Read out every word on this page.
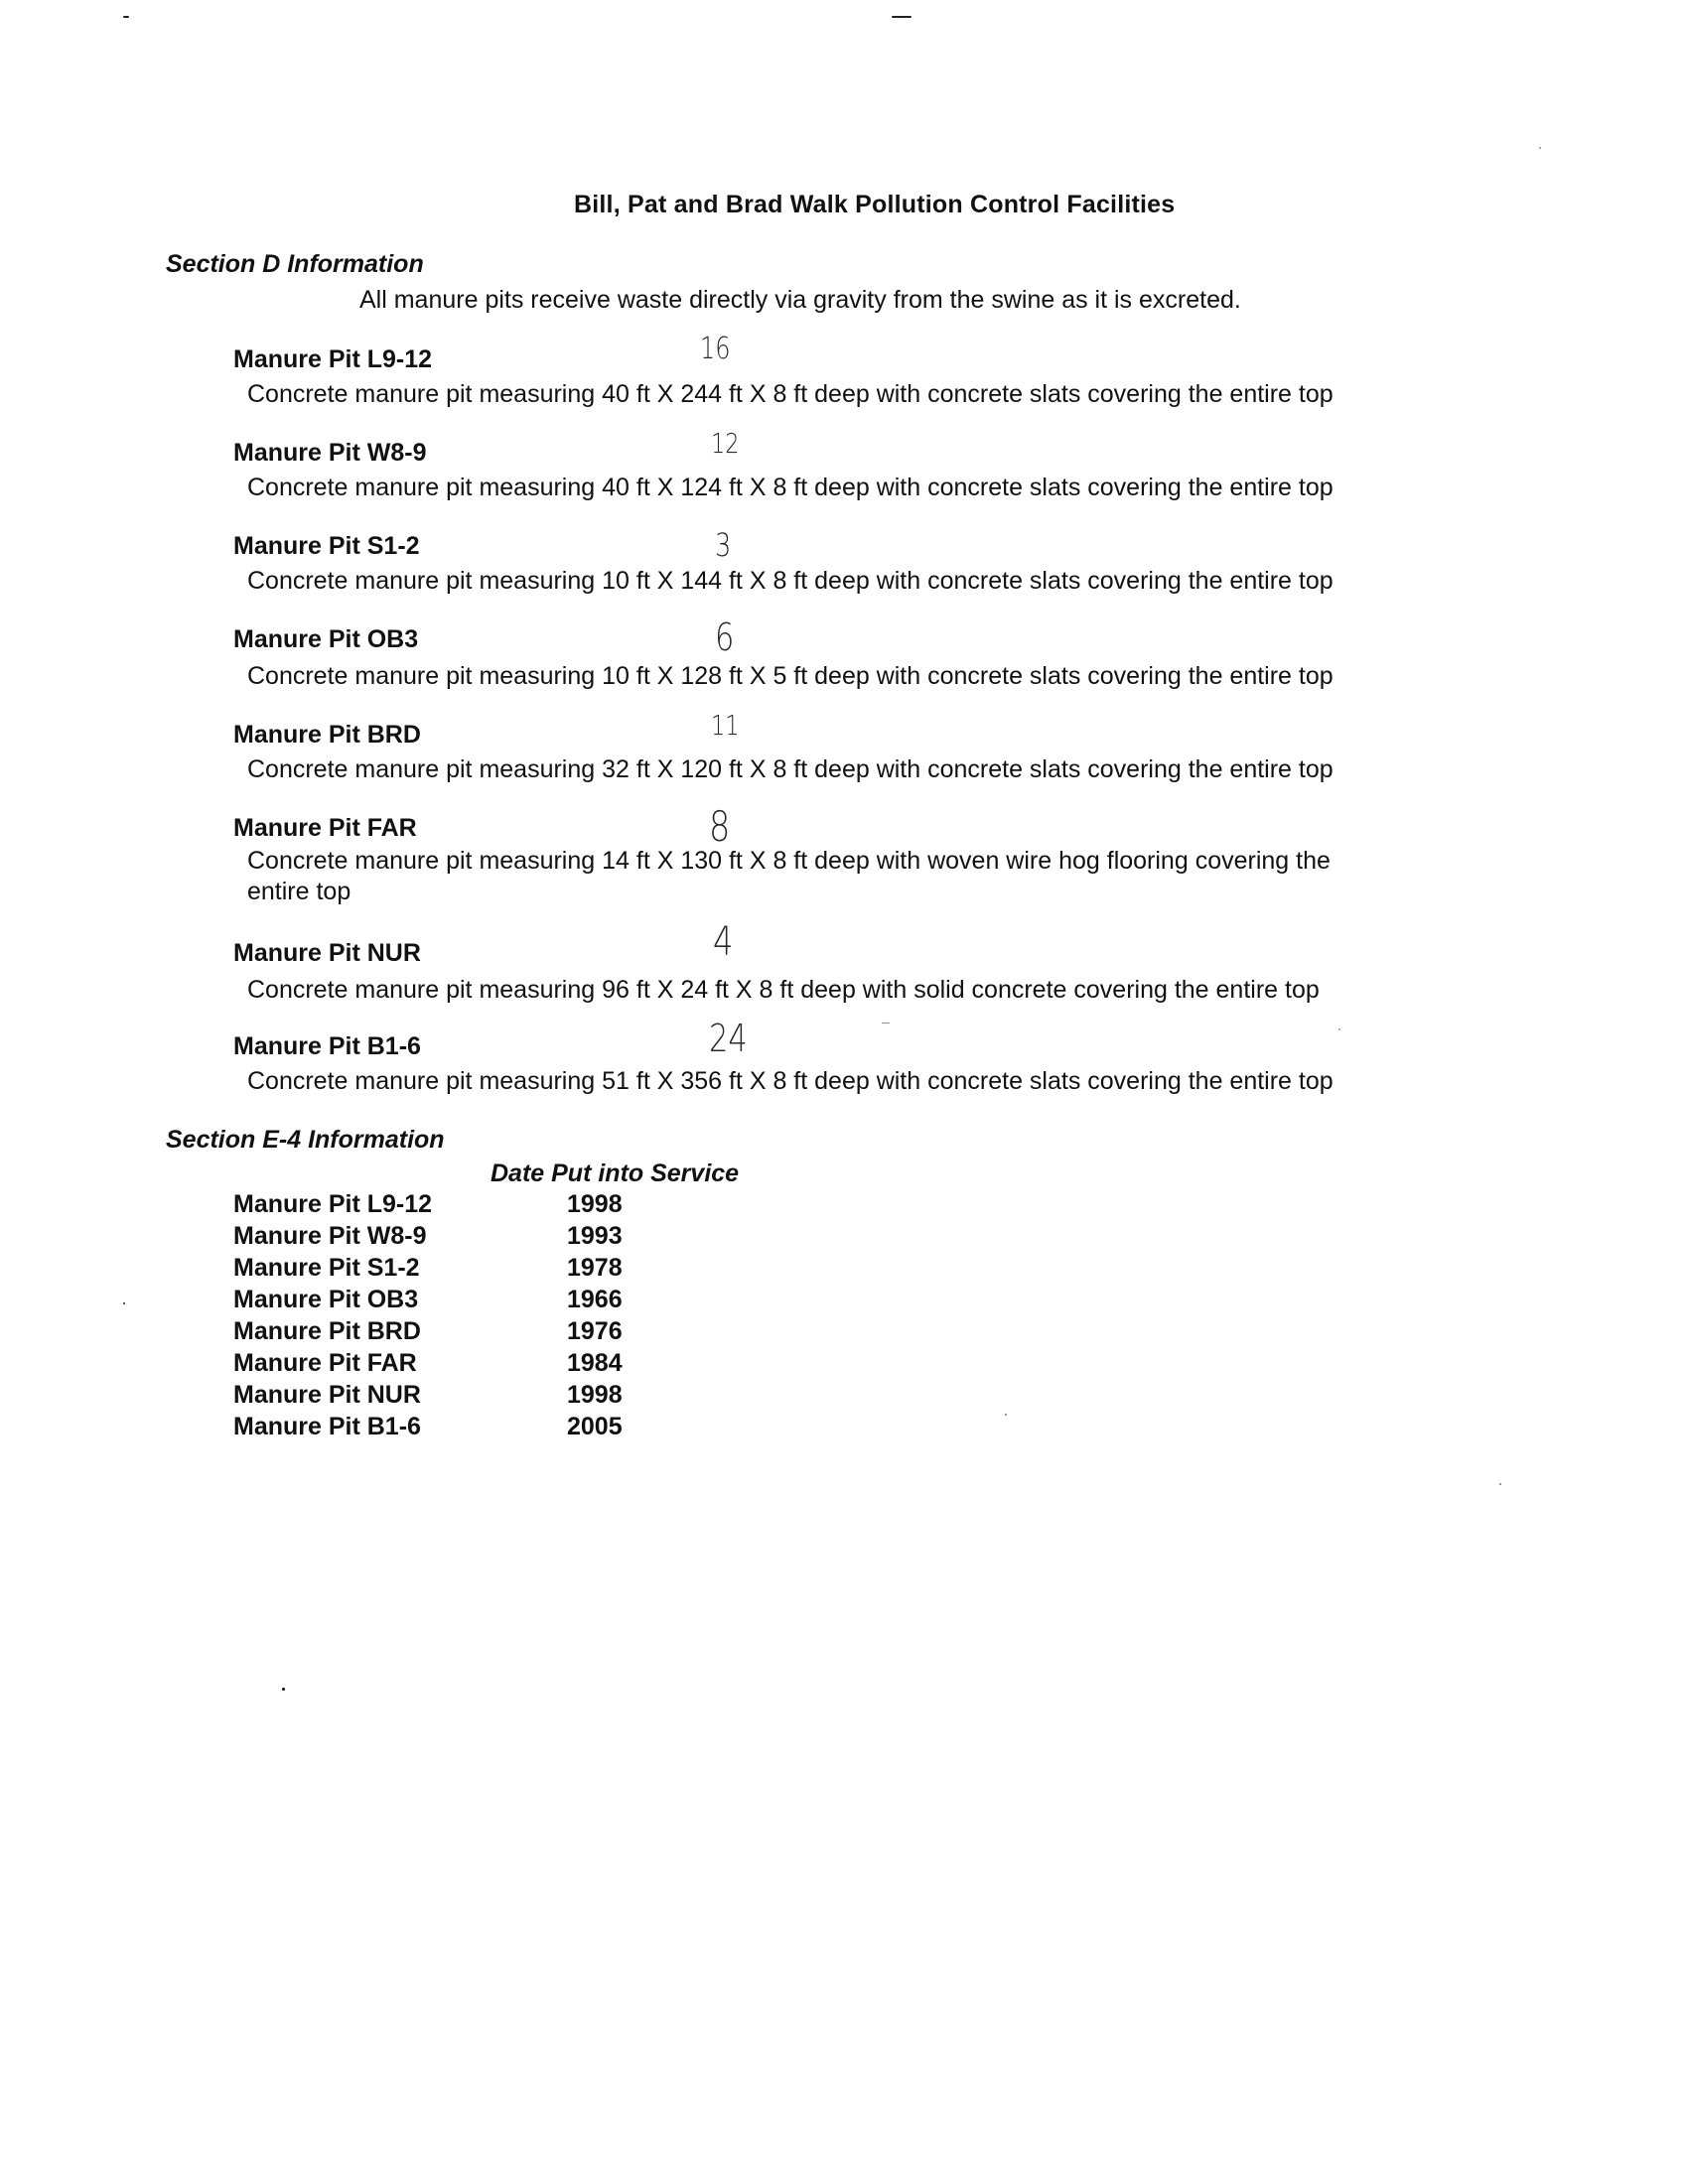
Bill, Pat and Brad Walk Pollution Control Facilities
Section D Information
All manure pits receive waste directly via gravity from the swine as it is excreted.
Manure Pit L9-12	16
Concrete manure pit measuring 40 ft X 244 ft X 8 ft deep with concrete slats covering the entire top
Manure Pit W8-9	12
Concrete manure pit measuring 40 ft X 124 ft X 8 ft deep with concrete slats covering the entire top
Manure Pit S1-2	3
Concrete manure pit measuring 10 ft X 144 ft X 8 ft deep with concrete slats covering the entire top
Manure Pit OB3	6
Concrete manure pit measuring 10 ft X 128 ft X 5 ft deep with concrete slats covering the entire top
Manure Pit BRD	11
Concrete manure pit measuring 32 ft X 120 ft X 8 ft deep with concrete slats covering the entire top
Manure Pit FAR	8
Concrete manure pit measuring 14 ft X 130 ft X 8 ft deep with woven wire hog flooring covering the entire top
Manure Pit NUR	4
Concrete manure pit measuring 96 ft X 24 ft X 8 ft deep with solid concrete covering the entire top
Manure Pit B1-6	24
Concrete manure pit measuring 51 ft X 356 ft X 8 ft deep with concrete slats covering the entire top
Section E-4 Information
Date Put into Service
Manure Pit L9-12	1998
Manure Pit W8-9	1993
Manure Pit S1-2	1978
Manure Pit OB3	1966
Manure Pit BRD	1976
Manure Pit FAR	1984
Manure Pit NUR	1998
Manure Pit B1-6	2005
